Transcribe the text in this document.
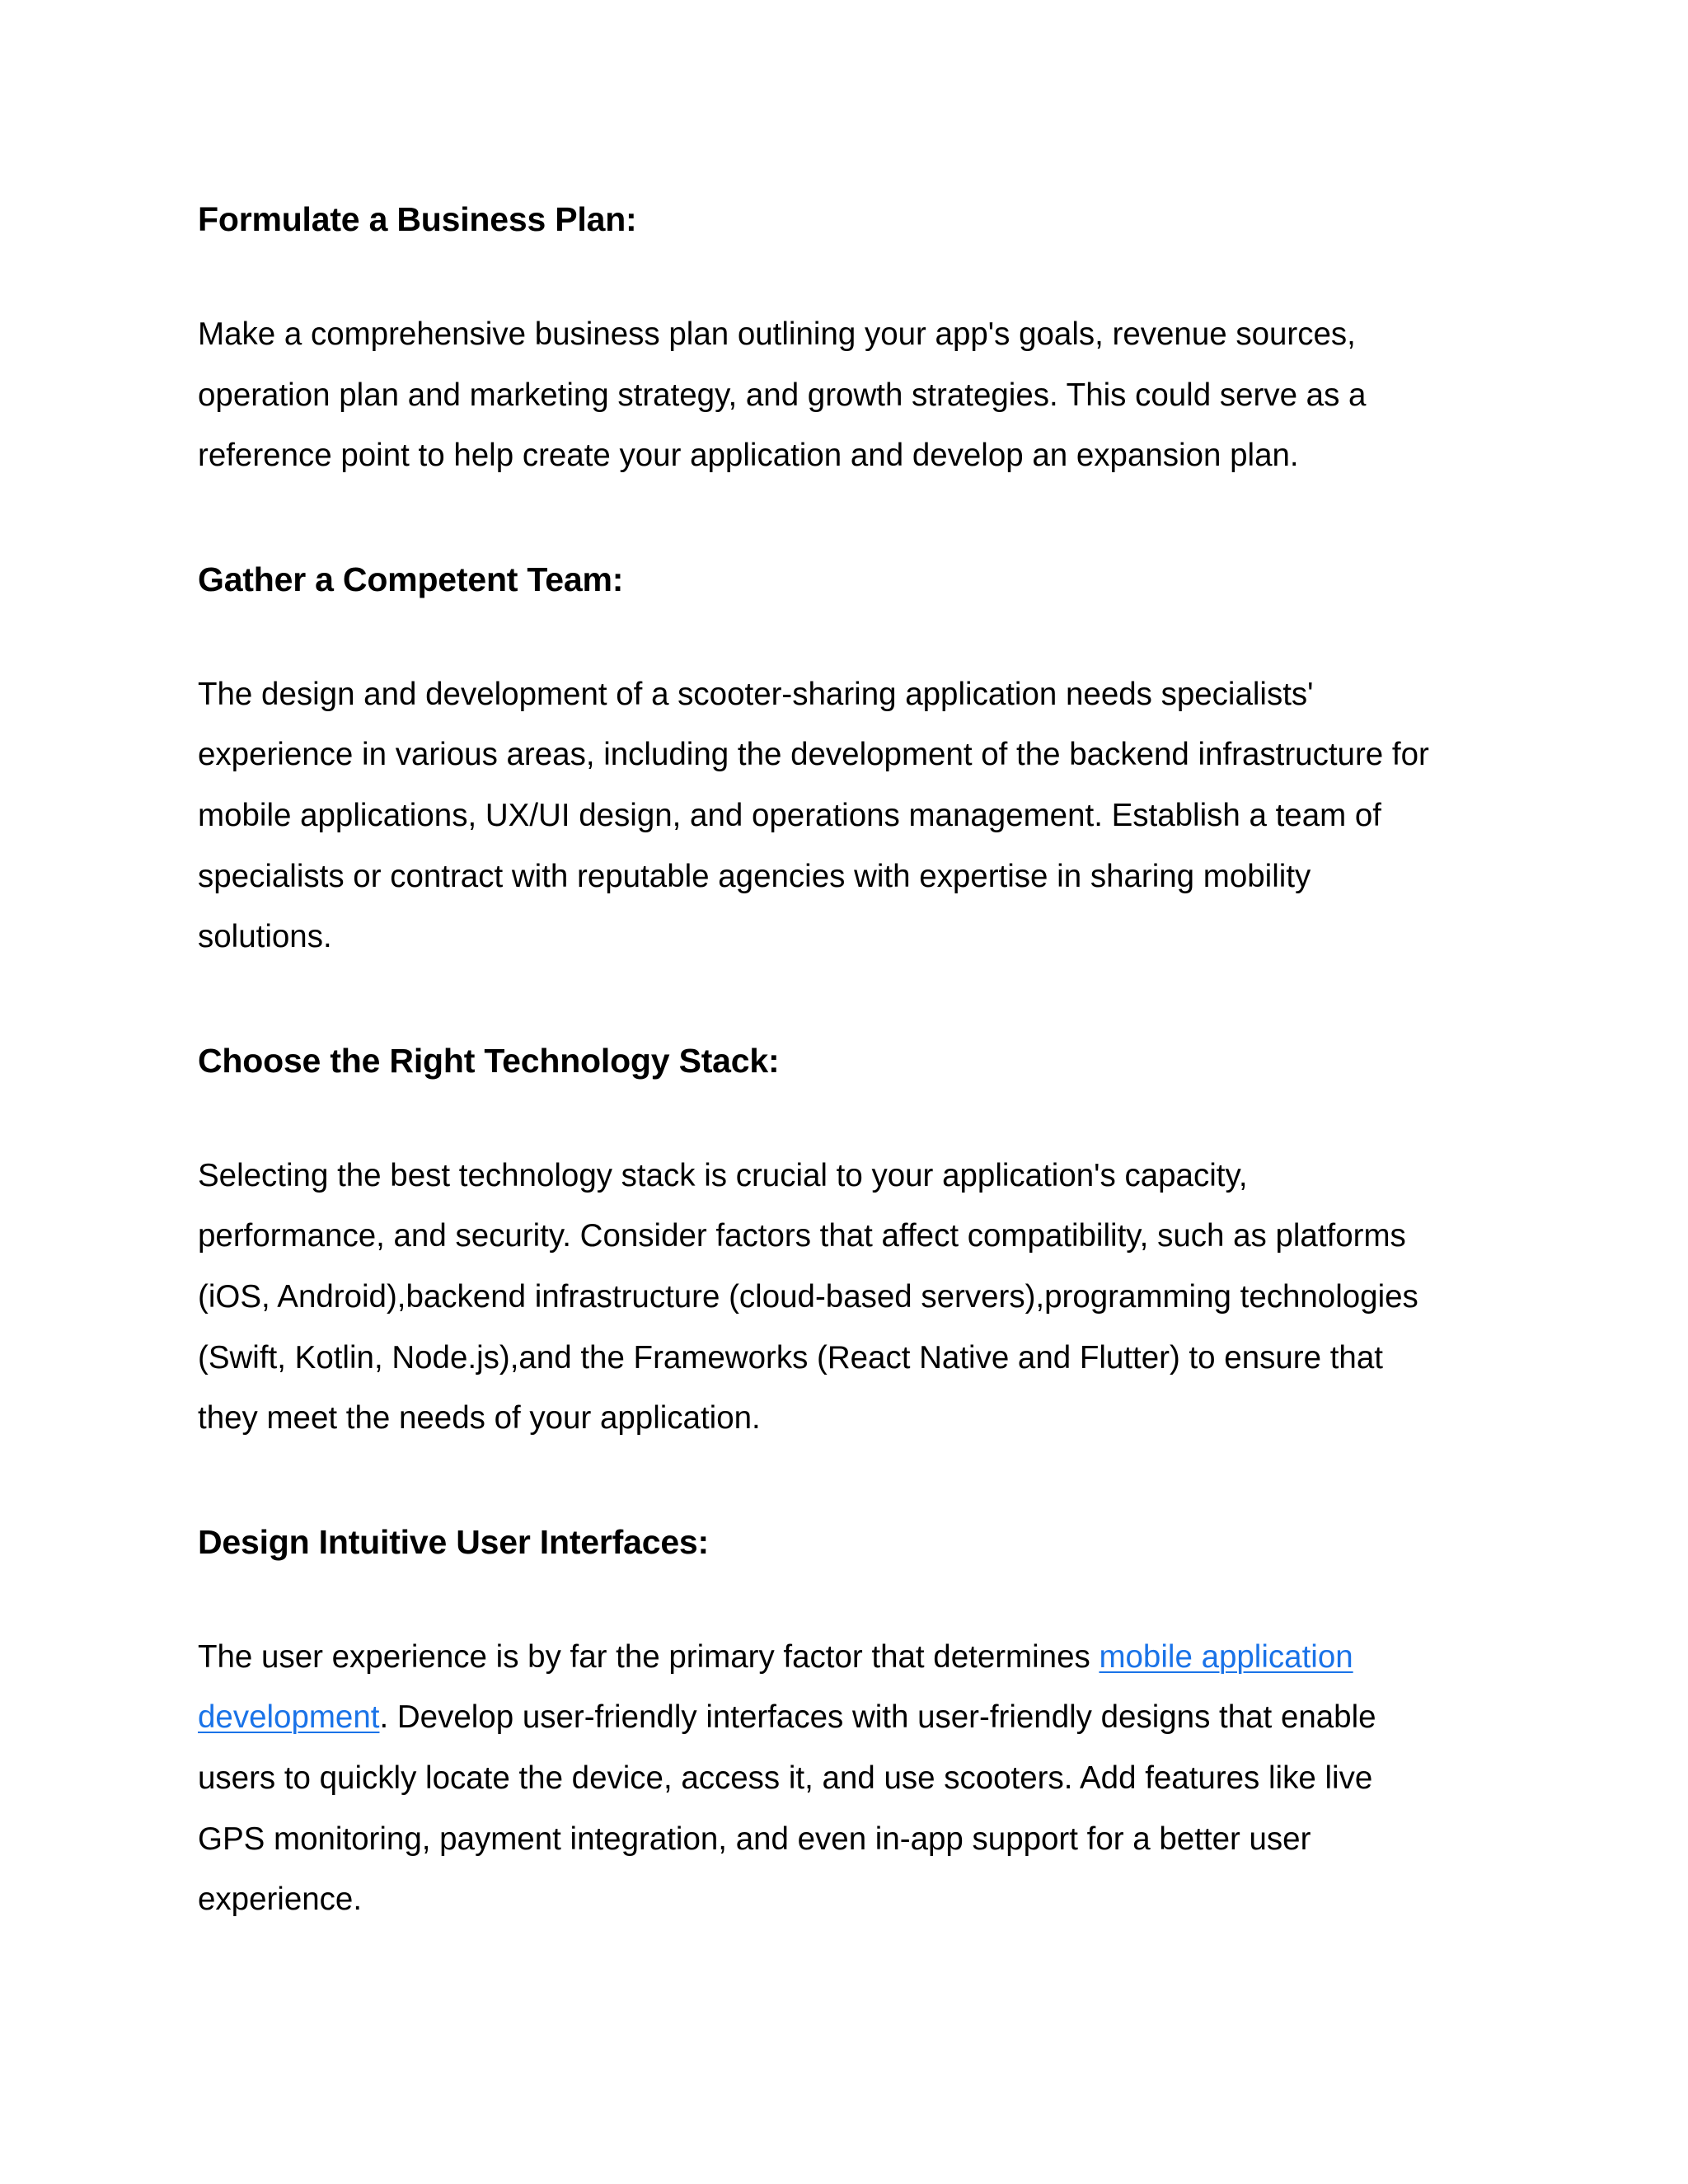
Formulate a Business Plan:

Make a comprehensive business plan outlining your app's goals, revenue sources,
operation plan and marketing strategy, and growth strategies. This could serve as a
reference point to help create your application and develop an expansion plan.

Gather a Competent Team:

The design and development of a scooter-sharing application needs specialists'
experience in various areas, including the development of the backend infrastructure for
mobile applications, UX/UI design, and operations management. Establish a team of
specialists or contract with reputable agencies with expertise in sharing mobility
solutions.

Choose the Right Technology Stack:

Selecting the best technology stack is crucial to your application's capacity,
performance, and security. Consider factors that affect compatibility, such as platforms
(iOS, Android),backend infrastructure (cloud-based servers),programming technologies
(Swift, Kotlin, Node.js),and the Frameworks (React Native and Flutter) to ensure that
they meet the needs of your application.

Design Intuitive User Interfaces:

The user experience is by far the primary factor that determines mobile application
development. Develop user-friendly interfaces with user-friendly designs that enable
users to quickly locate the device, access it, and use scooters. Add features like live
GPS monitoring, payment integration, and even in-app support for a better user
experience.
